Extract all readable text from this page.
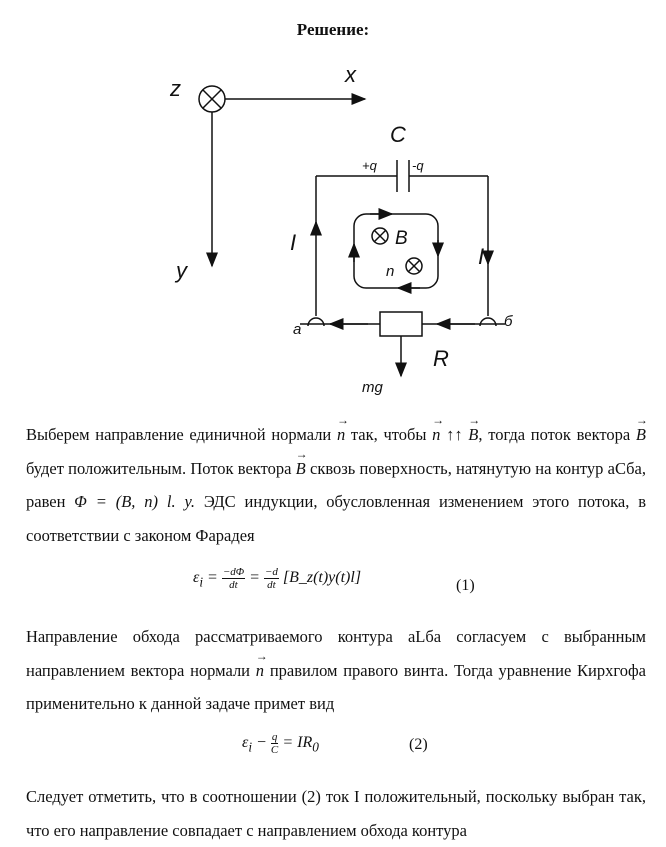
Решение:
z
x
y
C
+q	-q
I
I
B
n
а	б
R
mg
Выберем направление единичной нормали → n так, чтобы → n ↑↑ → B, тогда поток вектора → B будет положительным. Поток вектора → B сквозь поверхность, натянутую на контур аСба, равен Φ = (B, n) l. y. ЭДС индукции, обусловленная изменением этого потока, в соответствии с законом Фарадея
$\varepsilon_i = \frac{-d\Phi}{dt} = \frac{-d}{dt}$ [B_z(t)y(t)l]	(1)
Направление обхода рассматриваемого контура аLба согласуем с выбранным направлением вектора нормали → n правилом правого винта. Тогда уравнение Кирхгофа применительно к данной задаче примет вид
$\varepsilon_i - \frac{q}{C} = IR_0$	(2)
Следует отметить, что в соотношении (2) ток I положительный, поскольку выбран так, что его направление совпадает с направлением обхода контура
